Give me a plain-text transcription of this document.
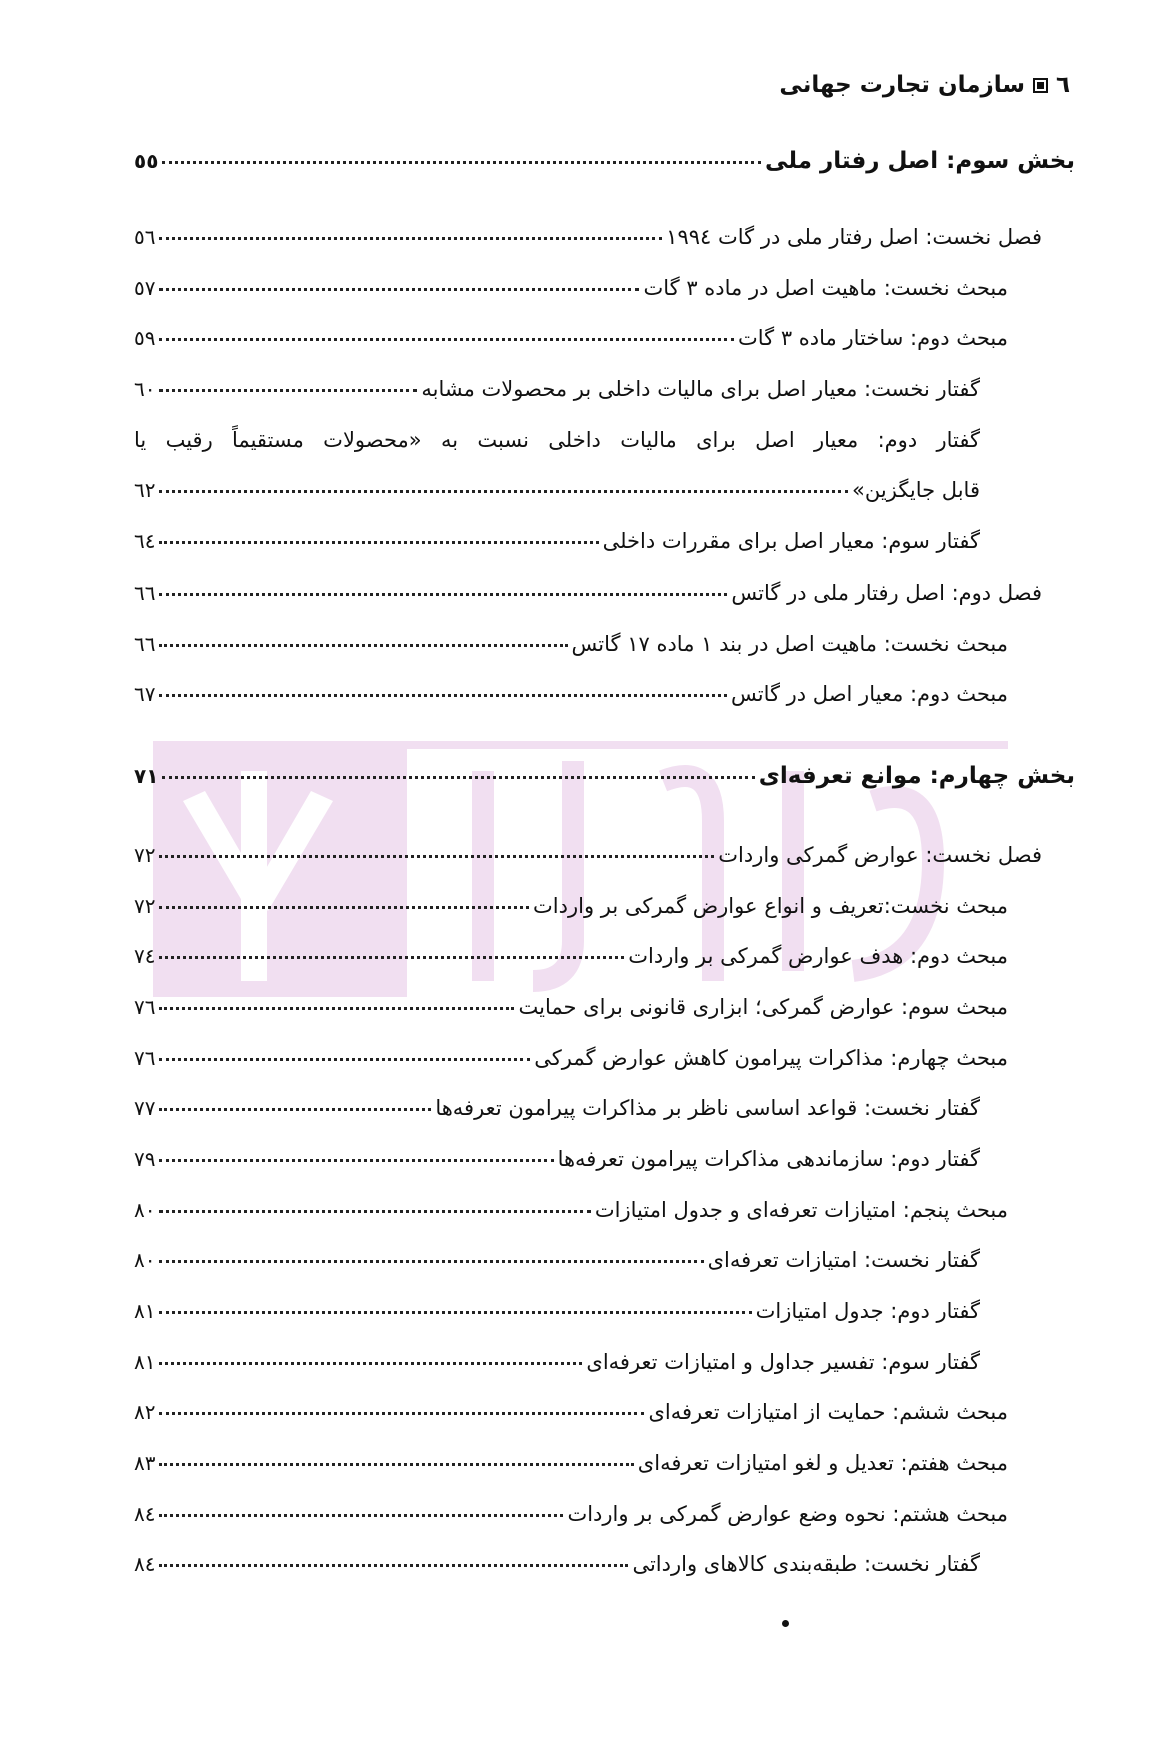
٦
سازمان تجارت جهانی
بخش سوم: اصل رفتار ملی
٥٥
فصل نخست: اصل رفتار ملی در گات ١٩٩٤
٥٦
مبحث نخست: ماهیت اصل در ماده ٣ گات
٥٧
مبحث دوم: ساختار ماده ٣ گات
٥٩
گفتار نخست: معیار اصل برای مالیات داخلی بر محصولات مشابه
٦٠
گفتار دوم: معیار اصل برای مالیات داخلی نسبت به «محصولات مستقیماً رقیب یا
قابل جایگزین»
٦٢
گفتار سوم: معیار اصل برای مقررات داخلی
٦٤
فصل دوم: اصل رفتار ملی در گاتس
٦٦
مبحث نخست: ماهیت اصل در بند ١ ماده ١٧ گاتس
٦٦
مبحث دوم: معیار اصل در گاتس
٦٧
بخش چهارم: موانع تعرفه‌ای
٧١
فصل نخست: عوارض گمرکی واردات
٧٢
مبحث نخست:تعریف و انواع عوارض گمرکی بر واردات
٧٢
مبحث دوم: هدف عوارض گمرکی بر واردات
٧٤
مبحث سوم: عوارض گمرکی؛ ابزاری قانونی برای حمایت
٧٦
مبحث چهارم: مذاکرات پیرامون کاهش عوارض گمرکی
٧٦
گفتار نخست: قواعد اساسی ناظر بر مذاکرات پیرامون تعرفه‌ها
٧٧
گفتار دوم: سازماندهی مذاکرات پیرامون تعرفه‌ها
٧٩
مبحث پنجم: امتیازات تعرفه‌ای و جدول امتیازات
٨٠
گفتار نخست: امتیازات تعرفه‌ای
٨٠
گفتار دوم: جدول امتیازات
٨١
گفتار سوم: تفسیر جداول و امتیازات تعرفه‌ای
٨١
مبحث ششم: حمایت از امتیازات تعرفه‌ای
٨٢
مبحث هفتم: تعدیل و لغو امتیازات تعرفه‌ای
٨٣
مبحث هشتم: نحوه وضع عوارض گمرکی بر واردات
٨٤
گفتار نخست: طبقه‌بندی کالاهای وارداتی
٨٤
